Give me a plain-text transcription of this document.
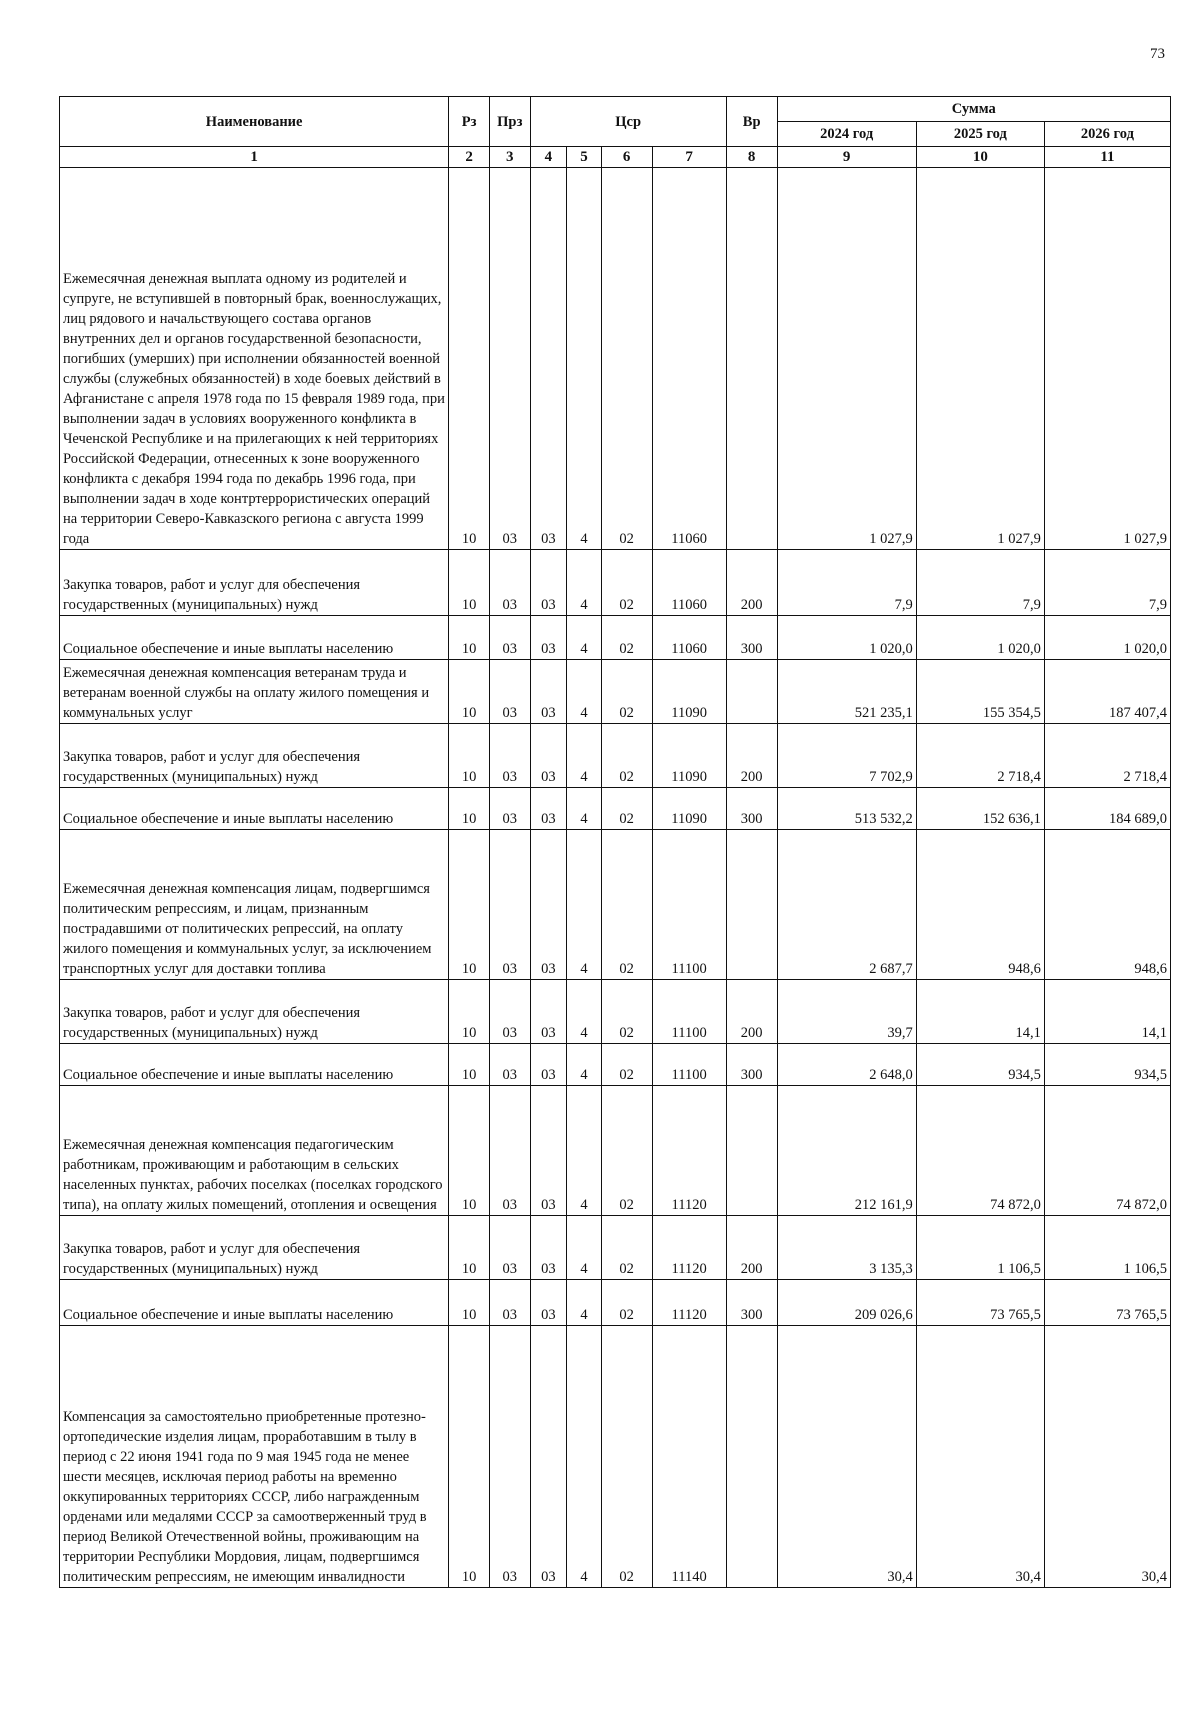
73
Наименование	Рз	Прз	Цср				Вр	Сумма		
								2024 год	2025 год	2026 год
1	2	3	4	5	6	7	8	9	10	11
Ежемесячная денежная выплата одному из родителей и супруге, не вступившей в повторный брак, военнослужащих, лиц рядового и начальствующего состава органов внутренних дел и органов государственной безопасности, погибших (умерших) при исполнении обязанностей военной службы (служебных обязанностей) в ходе боевых действий в Афганистане с апреля 1978 года по 15 февраля 1989 года, при выполнении задач в условиях вооруженного конфликта в Чеченской Республике и на прилегающих к ней территориях Российской Федерации, отнесенных к зоне вооруженного конфликта с декабря 1994 года по декабрь 1996 года, при выполнении задач в ходе контртеррористических операций на территории Северо-Кавказского региона с августа 1999 года	10	03	03	4	02	11060		1 027,9	1 027,9	1 027,9
Закупка товаров, работ и услуг для обеспечения государственных (муниципальных) нужд	10	03	03	4	02	11060	200	7,9	7,9	7,9
Социальное обеспечение и иные выплаты населению	10	03	03	4	02	11060	300	1 020,0	1 020,0	1 020,0
Ежемесячная денежная компенсация ветеранам труда и ветеранам военной службы на оплату жилого помещения и коммунальных услуг	10	03	03	4	02	11090		521 235,1	155 354,5	187 407,4
Закупка товаров, работ и услуг для обеспечения государственных (муниципальных) нужд	10	03	03	4	02	11090	200	7 702,9	2 718,4	2 718,4
Социальное обеспечение и иные выплаты населению	10	03	03	4	02	11090	300	513 532,2	152 636,1	184 689,0
Ежемесячная денежная компенсация лицам, подвергшимся политическим репрессиям, и лицам, признанным пострадавшими от политических репрессий, на оплату жилого помещения и коммунальных услуг, за исключением транспортных услуг для доставки топлива	10	03	03	4	02	11100		2 687,7	948,6	948,6
Закупка товаров, работ и услуг для обеспечения государственных (муниципальных) нужд	10	03	03	4	02	11100	200	39,7	14,1	14,1
Социальное обеспечение и иные выплаты населению	10	03	03	4	02	11100	300	2 648,0	934,5	934,5
Ежемесячная денежная компенсация педагогическим работникам, проживающим и работающим в сельских населенных пунктах, рабочих поселках (поселках городского типа), на оплату жилых помещений, отопления и освещения	10	03	03	4	02	11120		212 161,9	74 872,0	74 872,0
Закупка товаров, работ и услуг для обеспечения государственных (муниципальных) нужд	10	03	03	4	02	11120	200	3 135,3	1 106,5	1 106,5
Социальное обеспечение и иные выплаты населению	10	03	03	4	02	11120	300	209 026,6	73 765,5	73 765,5
Компенсация за самостоятельно приобретенные протезно-ортопедические изделия лицам, проработавшим в тылу в период с 22 июня 1941 года по 9 мая 1945 года не менее шести месяцев, исключая период работы на временно оккупированных территориях СССР, либо награжденным орденами или медалями СССР за самоотверженный труд в период Великой Отечественной войны, проживающим на территории Республики Мордовия, лицам, подвергшимся политическим репрессиям, не имеющим инвалидности	10	03	03	4	02	11140		30,4	30,4	30,4
